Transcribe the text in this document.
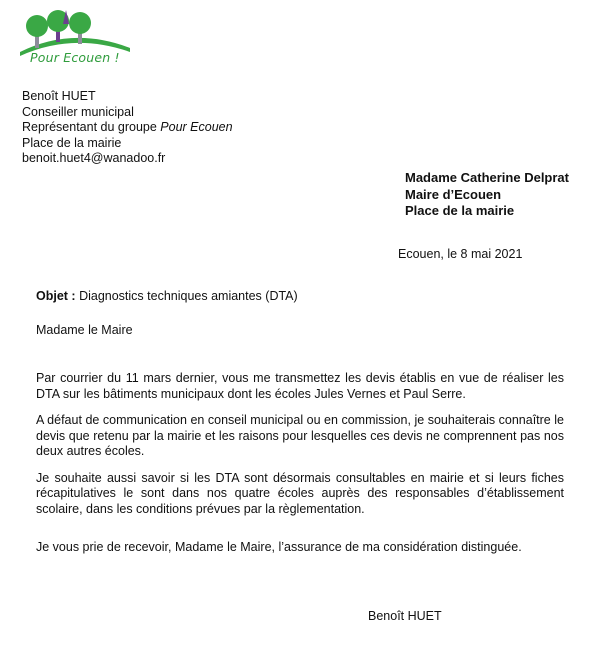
Pour Ecouen !
Benoît HUET
Conseiller municipal
Représentant du groupe Pour Ecouen
Place de la mairie
benoit.huet4@wanadoo.fr
Madame Catherine Delprat
Maire d’Ecouen
Place de la mairie
Ecouen, le 8 mai 2021
Objet : Diagnostics techniques amiantes (DTA)
Madame le Maire

Par courrier du 11 mars dernier, vous me transmettez les devis établis en vue de réaliser les DTA sur les bâtiments municipaux dont les écoles Jules Vernes et Paul Serre.

A défaut de communication en conseil municipal ou en commission, je souhaiterais connaître le devis que retenu par la mairie et les raisons pour lesquelles ces devis ne comprennent pas nos deux autres écoles.

Je souhaite aussi savoir si les DTA sont désormais consultables en mairie et si leurs fiches récapitulatives le sont dans nos quatre écoles auprès des responsables d’établissement scolaire, dans les conditions prévues par la règlementation.

Je vous prie de recevoir, Madame le Maire, l’assurance de ma considération distinguée.
Benoît HUET
